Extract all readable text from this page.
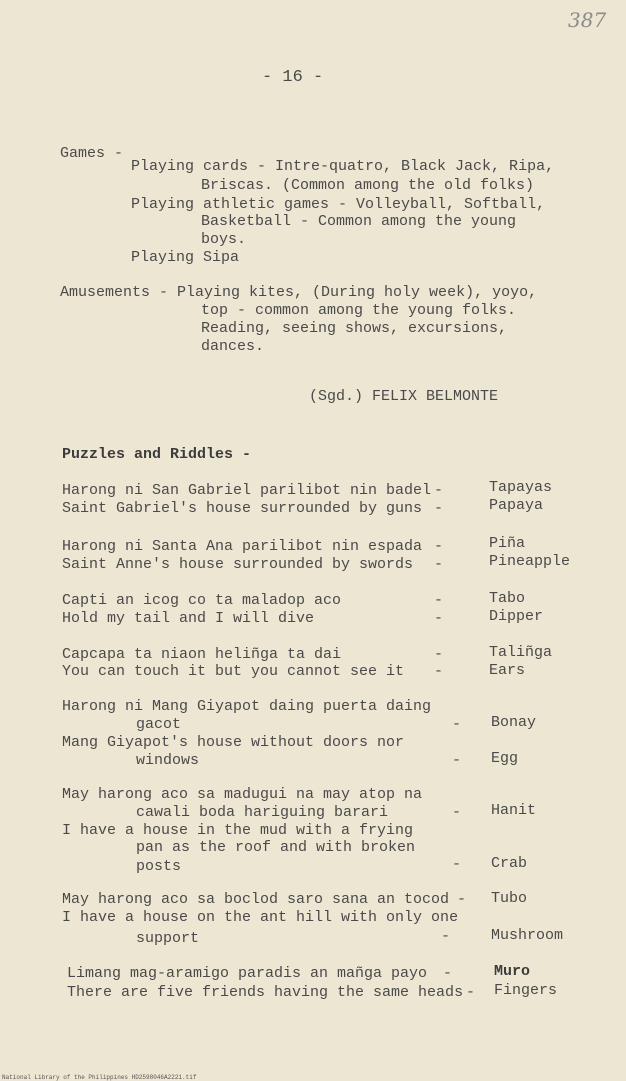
387
- 16 -
Games -
Playing cards - Intre-quatro, Black Jack, Ripa,
Briscas. (Common among the old folks)
Playing athletic games - Volleyball, Softball,
Basketball - Common among the young
boys.
Playing Sipa
Amusements - Playing kites, (During holy week), yoyo,
top - common among the young folks.
Reading, seeing shows, excursions,
dances.
(Sgd.) FELIX BELMONTE
Puzzles and Riddles -
Harong ni San Gabriel parilibot nin badel
Saint Gabriel's house surrounded by guns
-
-
Tapayas
Papaya
Harong ni Santa Ana parilibot nin espada
Saint Anne's house surrounded by swords
-
-
Piña
Pineapple
Capti an icog co ta maladop aco
Hold my tail and I will dive
-
-
Tabo
Dipper
Capcapa ta niaon heliñga ta dai
You can touch it but you cannot see it
-
-
Taliñga
Ears
Harong ni Mang Giyapot daing puerta daing
gacot
Mang Giyapot's house without doors nor
windows
-
-
Bonay
Egg
May harong aco sa madugui na may atop na
cawali boda hariguing barari
I have a house in the mud with a frying
pan as the roof and with broken
posts
-
-
Hanit
Crab
May harong aco sa boclod saro sana an tocod
I have a house on the ant hill with only one
support
-
-
Tubo
Mushroom
Limang mag-aramigo paradis an mañga payo
There are five friends having the same heads
-
-
Muro
Fingers
National Library of the Philippines HD2598046A2221.tif
